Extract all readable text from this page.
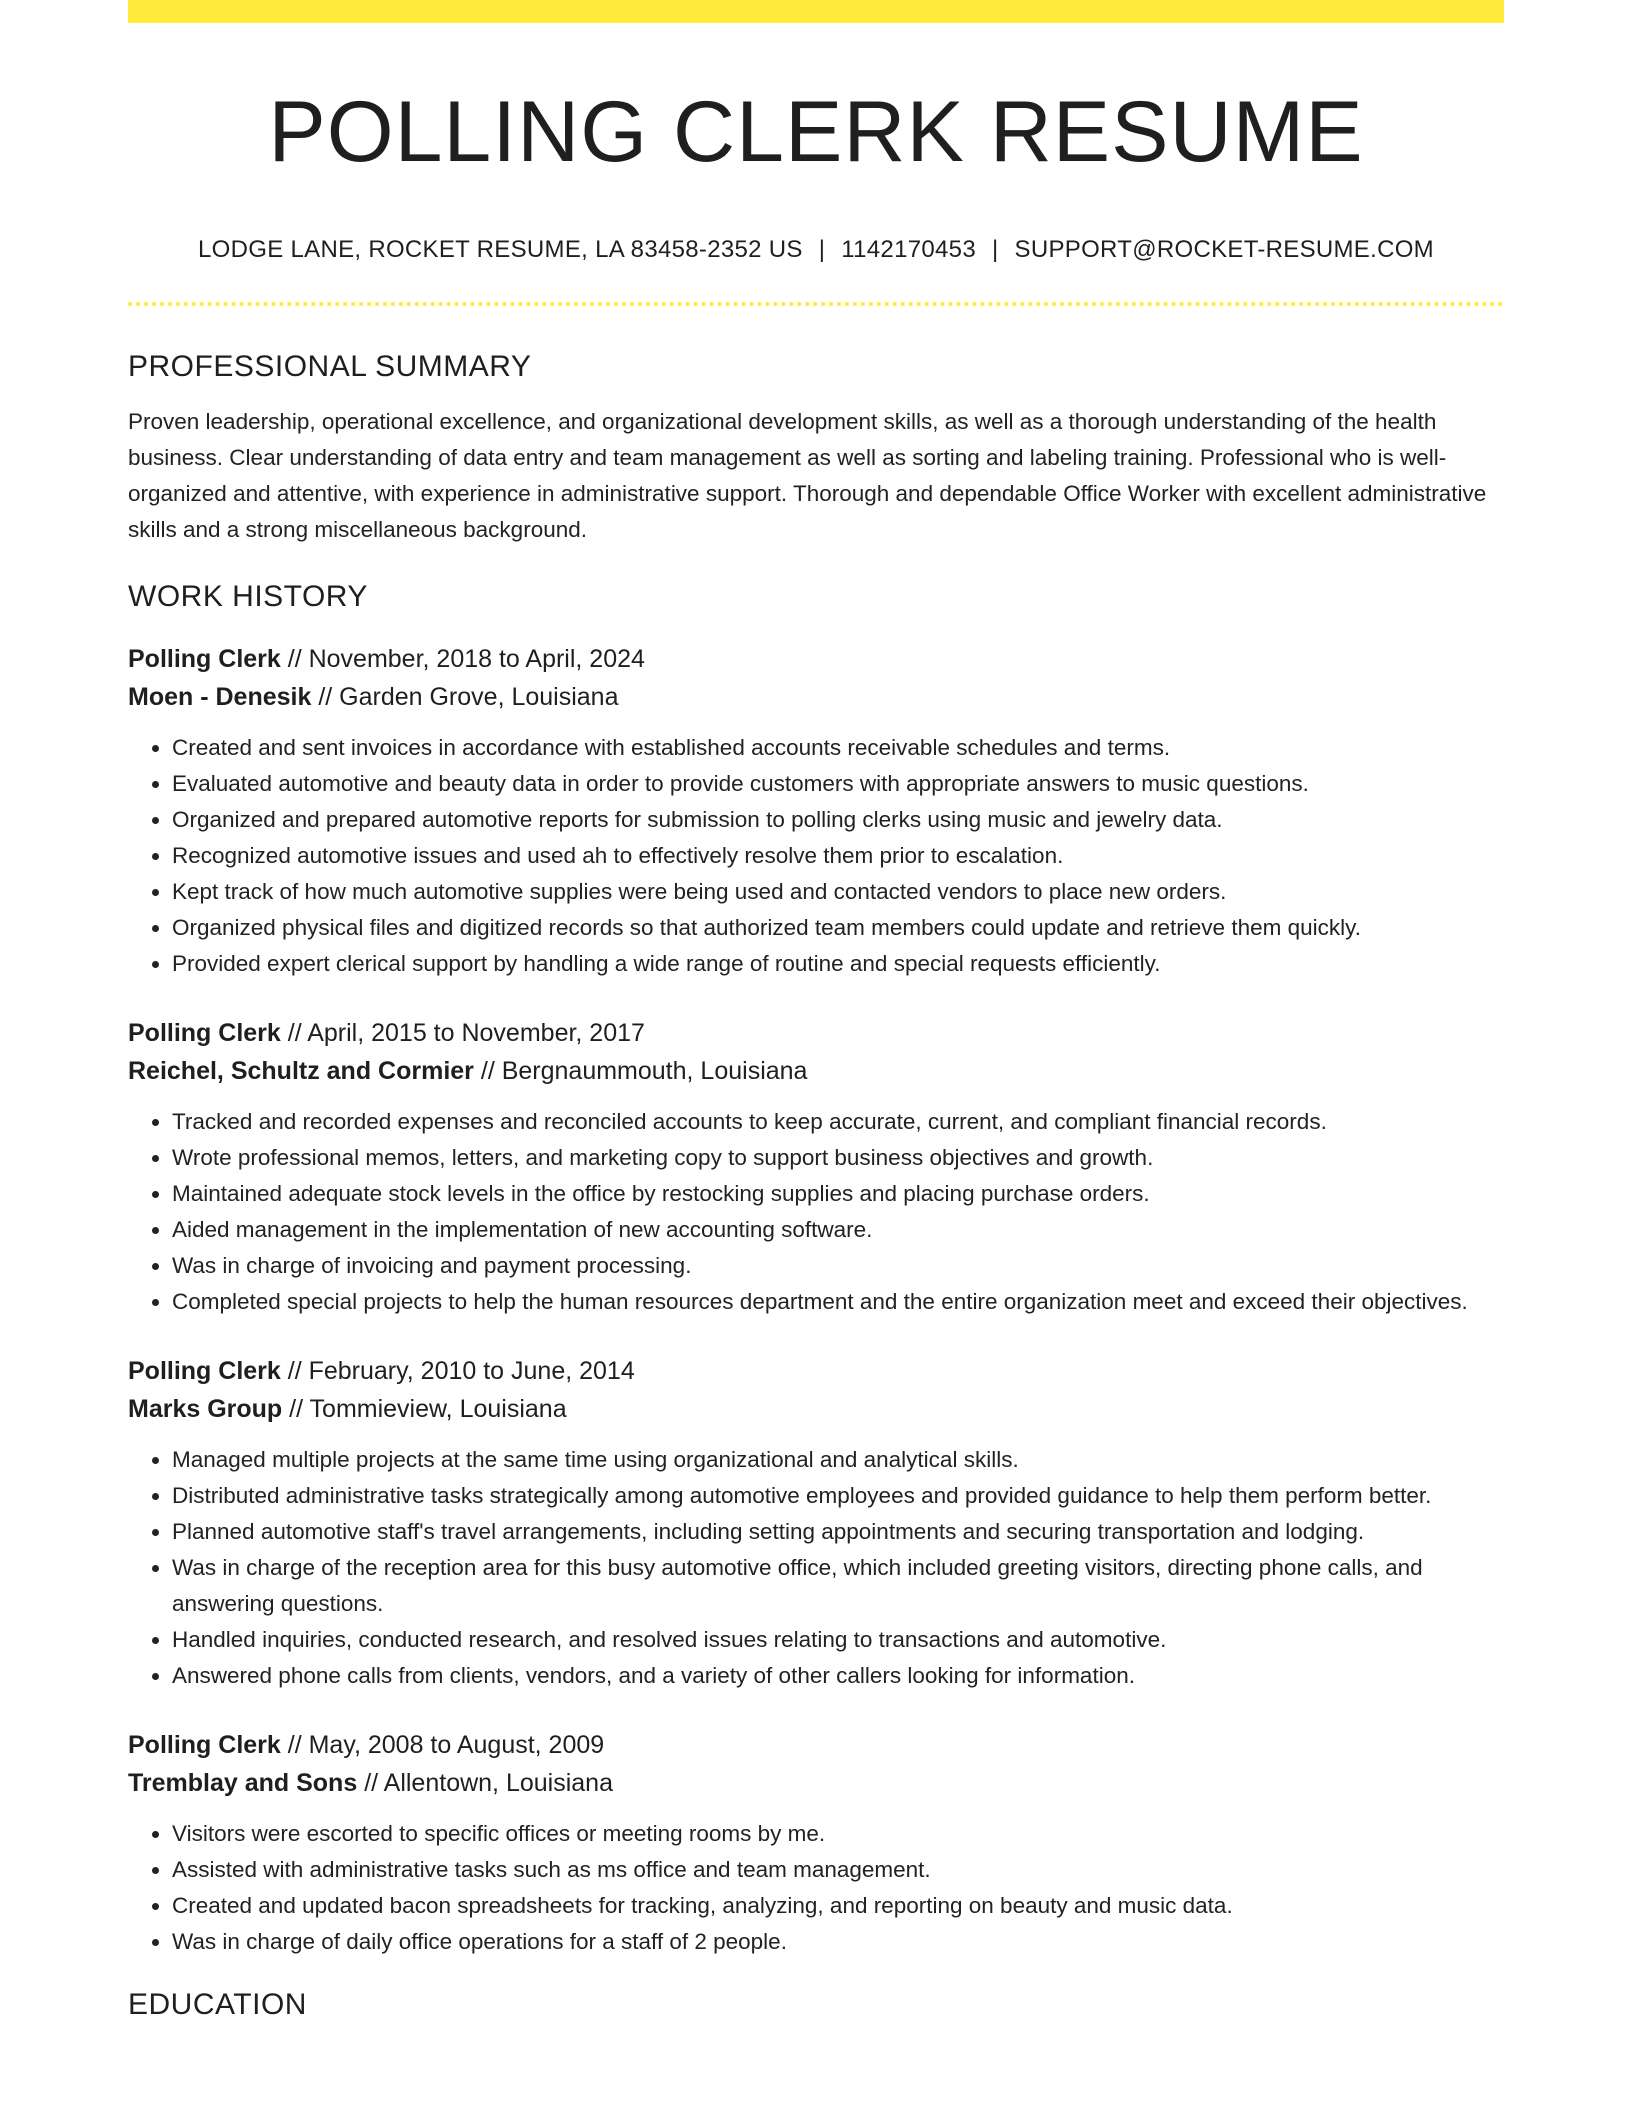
POLLING CLERK RESUME
LODGE LANE, ROCKET RESUME, LA 83458-2352 US | 1142170453 | SUPPORT@ROCKET-RESUME.COM
PROFESSIONAL SUMMARY

Proven leadership, operational excellence, and organizational development skills, as well as a thorough understanding of the health business. Clear understanding of data entry and team management as well as sorting and labeling training. Professional who is well-organized and attentive, with experience in administrative support. Thorough and dependable Office Worker with excellent administrative skills and a strong miscellaneous background.

WORK HISTORY
Polling Clerk // November, 2018 to April, 2024
Moen - Denesik // Garden Grove, Louisiana
• Created and sent invoices in accordance with established accounts receivable schedules and terms.
• Evaluated automotive and beauty data in order to provide customers with appropriate answers to music questions.
• Organized and prepared automotive reports for submission to polling clerks using music and jewelry data.
• Recognized automotive issues and used ah to effectively resolve them prior to escalation.
• Kept track of how much automotive supplies were being used and contacted vendors to place new orders.
• Organized physical files and digitized records so that authorized team members could update and retrieve them quickly.
• Provided expert clerical support by handling a wide range of routine and special requests efficiently.
Polling Clerk // April, 2015 to November, 2017
Reichel, Schultz and Cormier // Bergnaummouth, Louisiana
• Tracked and recorded expenses and reconciled accounts to keep accurate, current, and compliant financial records.
• Wrote professional memos, letters, and marketing copy to support business objectives and growth.
• Maintained adequate stock levels in the office by restocking supplies and placing purchase orders.
• Aided management in the implementation of new accounting software.
• Was in charge of invoicing and payment processing.
• Completed special projects to help the human resources department and the entire organization meet and exceed their objectives.
Polling Clerk // February, 2010 to June, 2014
Marks Group // Tommieview, Louisiana
• Managed multiple projects at the same time using organizational and analytical skills.
• Distributed administrative tasks strategically among automotive employees and provided guidance to help them perform better.
• Planned automotive staff's travel arrangements, including setting appointments and securing transportation and lodging.
• Was in charge of the reception area for this busy automotive office, which included greeting visitors, directing phone calls, and answering questions.
• Handled inquiries, conducted research, and resolved issues relating to transactions and automotive.
• Answered phone calls from clients, vendors, and a variety of other callers looking for information.
Polling Clerk // May, 2008 to August, 2009
Tremblay and Sons // Allentown, Louisiana
• Visitors were escorted to specific offices or meeting rooms by me.
• Assisted with administrative tasks such as ms office and team management.
• Created and updated bacon spreadsheets for tracking, analyzing, and reporting on beauty and music data.
• Was in charge of daily office operations for a staff of 2 people.
EDUCATION
